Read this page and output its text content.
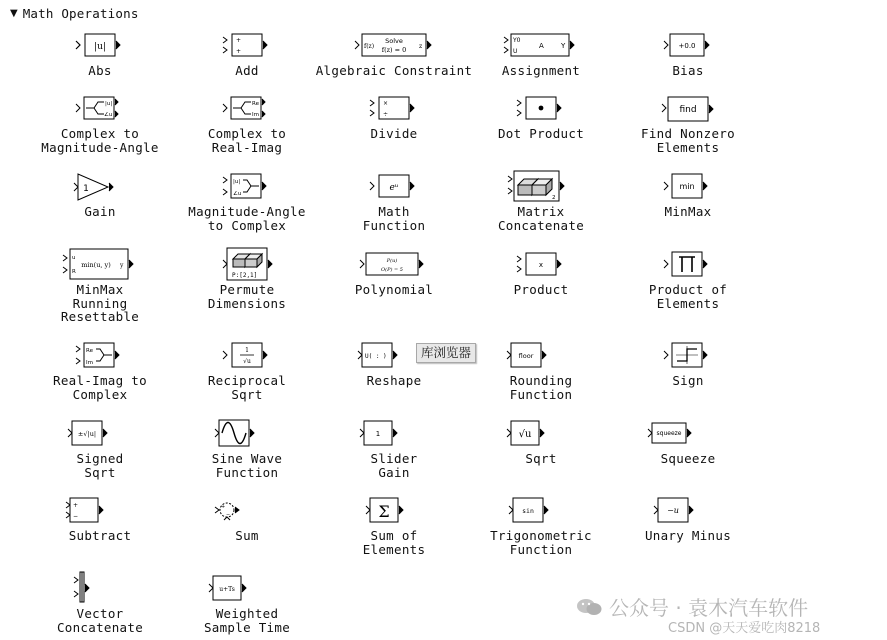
▼ Math Operations
|u|
Abs
+
+
Add
f(z)
Solve
f(z) = 0 z
Algebraic Constraint
Y0
U
A Y
Assignment
+0.0
Bias
|u|
∠u
Complex to
Magnitude-Angle
Re
Im
Complex to
Real-Imag
×
÷
Divide	Dot Product
find
Find Nonzero
Elements
1
Gain
|u|
∠u
Magnitude-Angle
to Complex
eᵘ
Math
Function
2
Matrix
Concatenate
min
MinMax
u
R
min(u, y) y
MinMax
Running
Resettable
P:[2,1]
Permute
Dimensions
P(u)
O(P) = 5
Polynomial
x
Product	Product of
Elements
Re
Im
Real-Imag to
Complex
1
√u
Reciprocal
Sqrt
U( : )
Reshape
floor
Rounding
Function
Sign
±√|u|
Signed
Sqrt
Sine Wave
Function
1
Slider
Gain
√u
Sqrt
squeeze
Squeeze
+
−
Subtract
+
−
Sum
Σ
Sum of
Elements
sin
Trigonometric
Function
−u
Unary Minus
Vector
Concatenate
u+Ts
Weighted
Sample Time
库浏览器
公众号 · 袁木汽车软件
CSDN @天天爱吃肉8218
